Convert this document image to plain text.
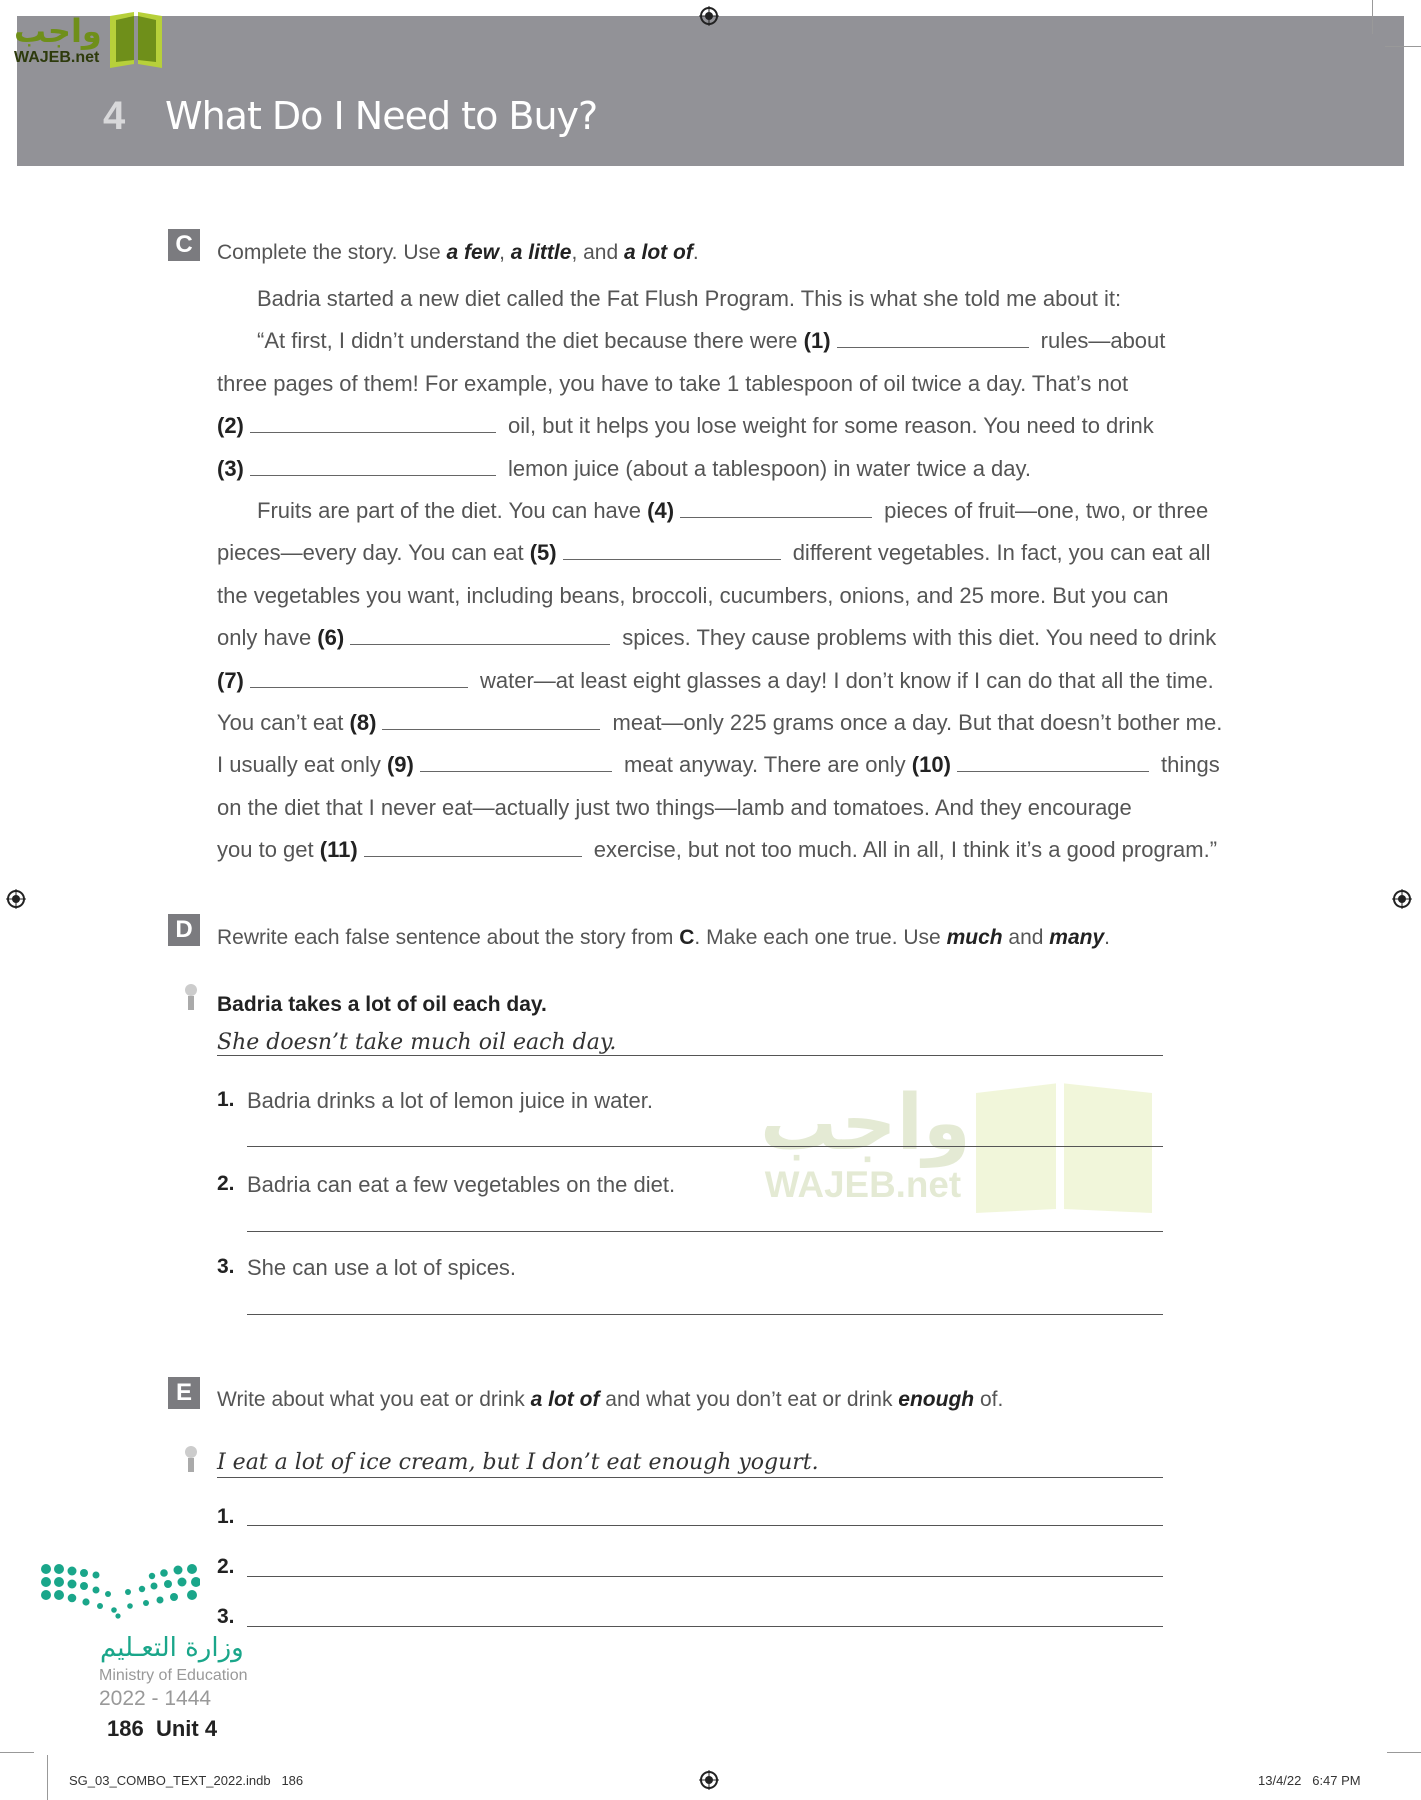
4 What Do I Need to Buy?
واجب
WAJEB.net
واجب
WAJEB.net
C	Complete the story. Use a few, a little, and a lot of.
Badria started a new diet called the Fat Flush Program. This is what she told me about it:
“At first, I didn’t understand the diet because there were (1)	rules—about
three pages of them! For example, you have to take 1 tablespoon of oil twice a day. That’s not
(2)	oil, but it helps you lose weight for some reason. You need to drink
(3)	lemon juice (about a tablespoon) in water twice a day.
Fruits are part of the diet. You can have (4)	pieces of fruit—one, two, or three
pieces—every day. You can eat (5)	different vegetables. In fact, you can eat all
the vegetables you want, including beans, broccoli, cucumbers, onions, and 25 more. But you can
only have (6)	spices. They cause problems with this diet. You need to drink
(7)	water—at least eight glasses a day! I don’t know if I can do that all the time.
You can’t eat (8)	meat—only 225 grams once a day. But that doesn’t bother me.
I usually eat only (9)	meat anyway. There are only (10)	things
on the diet that I never eat—actually just two things—lamb and tomatoes. And they encourage
you to get (11)	exercise, but not too much. All in all, I think it’s a good program.”
D	Rewrite each false sentence about the story from C. Make each one true. Use much and many.
Badria takes a lot of oil each day.
She doesn’t take much oil each day.
1. Badria drinks a lot of lemon juice in water.
2. Badria can eat a few vegetables on the diet.
3. She can use a lot of spices.
E	Write about what you eat or drink a lot of and what you don’t eat or drink enough of.
I eat a lot of ice cream, but I don’t eat enough yogurt.
1.
2.
3.
وزارة التعـليم
Ministry of Education
2022 - 1444
186 Unit 4
SG_03_COMBO_TEXT_2022.indb   186	13/4/22   6:47 PM
